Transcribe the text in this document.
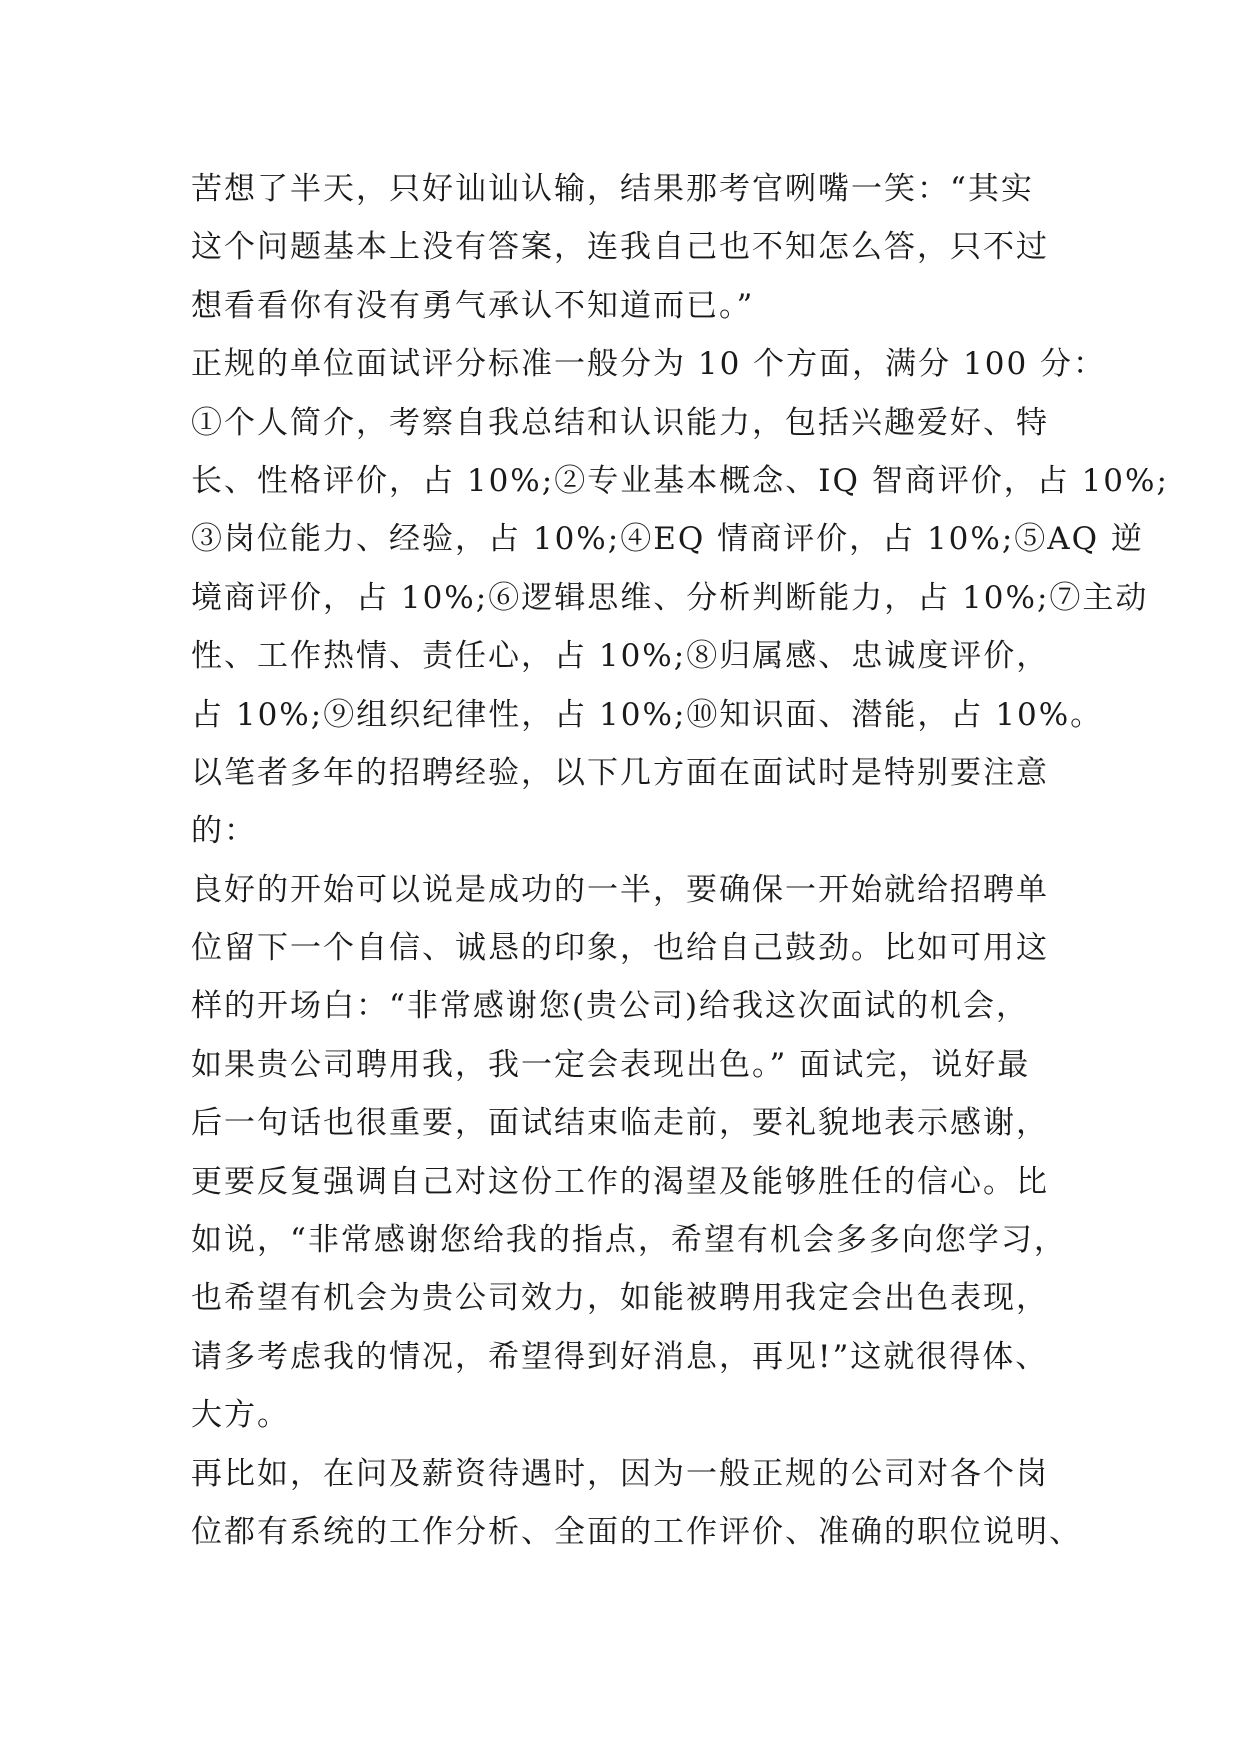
苦想了半天，只好讪讪认输，结果那考官咧嘴一笑：“其实
这个问题基本上没有答案，连我自己也不知怎么答，只不过
想看看你有没有勇气承认不知道而已。”
正规的单位面试评分标准一般分为 10 个方面，满分 100 分：
①个人简介，考察自我总结和认识能力，包括兴趣爱好、特
长、性格评价，占 10%;②专业基本概念、IQ 智商评价，占 10%;
③岗位能力、经验，占 10%;④EQ 情商评价，占 10%;⑤AQ 逆
境商评价，占 10%;⑥逻辑思维、分析判断能力，占 10%;⑦主动
性、工作热情、责任心，占 10%;⑧归属感、忠诚度评价，
占 10%;⑨组织纪律性，占 10%;⑩知识面、潜能，占 10%。
以笔者多年的招聘经验，以下几方面在面试时是特别要注意
的：
良好的开始可以说是成功的一半，要确保一开始就给招聘单
位留下一个自信、诚恳的印象，也给自己鼓劲。比如可用这
样的开场白：“非常感谢您(贵公司)给我这次面试的机会，
如果贵公司聘用我，我一定会表现出色。” 面试完，说好最
后一句话也很重要，面试结束临走前，要礼貌地表示感谢，
更要反复强调自己对这份工作的渴望及能够胜任的信心。比
如说，“非常感谢您给我的指点，希望有机会多多向您学习，
也希望有机会为贵公司效力，如能被聘用我定会出色表现，
请多考虑我的情况，希望得到好消息，再见!”这就很得体、
大方。
再比如，在问及薪资待遇时，因为一般正规的公司对各个岗
位都有系统的工作分析、全面的工作评价、准确的职位说明、
